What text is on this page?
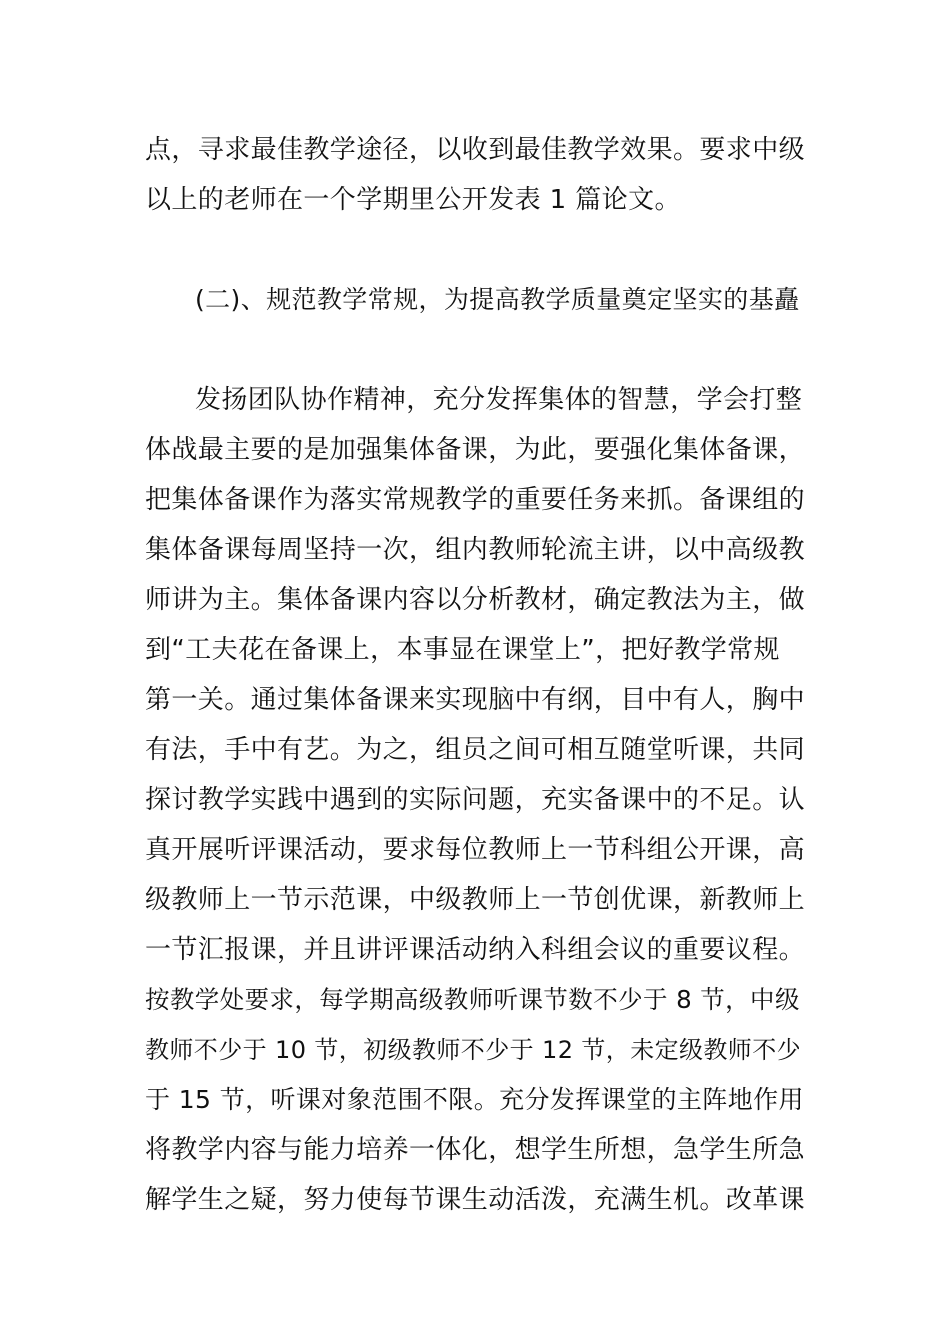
点，寻求最佳教学途径，以收到最佳教学效果。要求中级
以上的老师在一个学期里公开发表 1 篇论文。
(二)、规范教学常规，为提高教学质量奠定坚实的基矗
发扬团队协作精神，充分发挥集体的智慧，学会打整
体战最主要的是加强集体备课，为此，要强化集体备课，
把集体备课作为落实常规教学的重要任务来抓。备课组的
集体备课每周坚持一次，组内教师轮流主讲，以中高级教
师讲为主。集体备课内容以分析教材，确定教法为主，做
到“工夫花在备课上，本事显在课堂上”，把好教学常规
第一关。通过集体备课来实现脑中有纲，目中有人，胸中
有法，手中有艺。为之，组员之间可相互随堂听课，共同
探讨教学实践中遇到的实际问题，充实备课中的不足。认
真开展听评课活动，要求每位教师上一节科组公开课，高
级教师上一节示范课，中级教师上一节创优课，新教师上
一节汇报课，并且讲评课活动纳入科组会议的重要议程。
按教学处要求，每学期高级教师听课节数不少于 8 节，中级
教师不少于 10 节，初级教师不少于 12 节，未定级教师不少
于 15 节，听课对象范围不限。充分发挥课堂的主阵地作用
将教学内容与能力培养一体化，想学生所想，急学生所急
解学生之疑，努力使每节课生动活泼，充满生机。改革课
